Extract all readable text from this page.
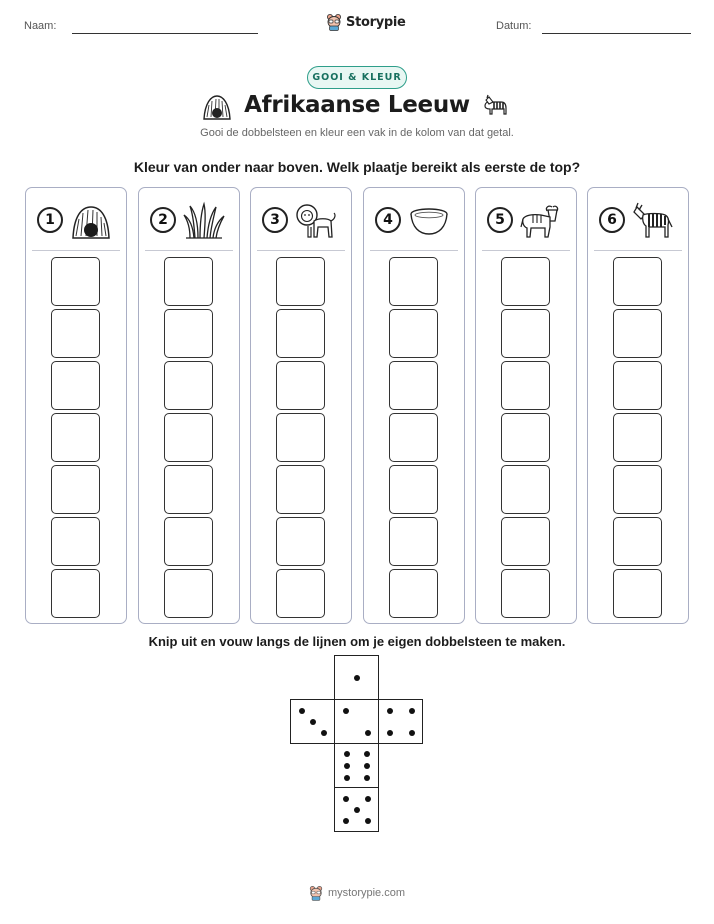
Naam:	Storypie	Datum:
GOOI & KLEUR
Afrikaanse Leeuw
Gooi de dobbelsteen en kleur een vak in de kolom van dat getal.
Kleur van onder naar boven. Welk plaatje bereikt als eerste de top?
1	2	3	4	5	6
Knip uit en vouw langs de lijnen om je eigen dobbelsteen te maken.
mystorypie.com
